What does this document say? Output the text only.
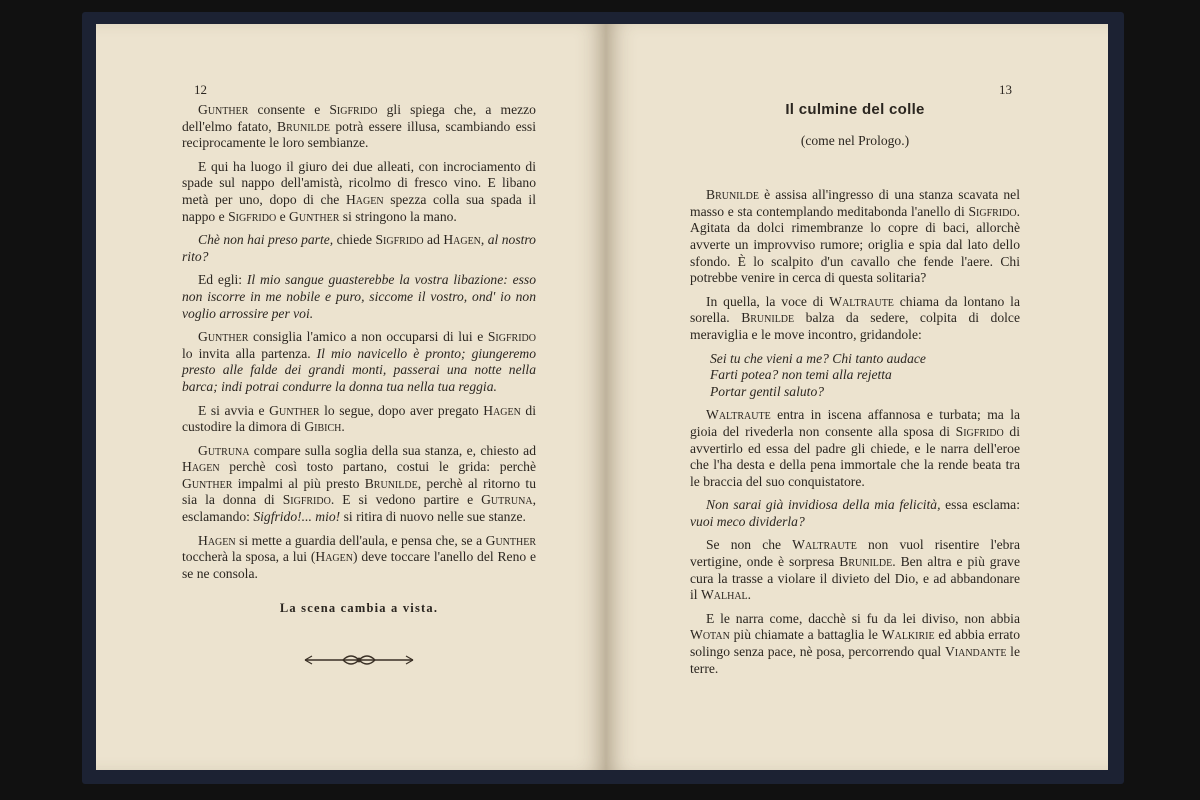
12

Gunther consente e Sigfrido gli spiega che, a mezzo dell'elmo fatato, Brunilde potrà essere illusa, scambiando essi reciprocamente le loro sembianze.

E qui ha luogo il giuro dei due alleati, con incrociamento di spade sul nappo dell'amistà, ricolmo di fresco vino. E libano metà per uno, dopo di che Hagen spezza colla sua spada il nappo e Sigfrido e Gunther si stringono la mano.

Chè non hai preso parte, chiede Sigfrido ad Hagen, al nostro rito?

Ed egli: Il mio sangue guasterebbe la vostra libazione: esso non iscorre in me nobile e puro, siccome il vostro, ond' io non voglio arrossire per voi.

Gunther consiglia l'amico a non occuparsi di lui e Sigfrido lo invita alla partenza. Il mio navicello è pronto; giungeremo presto alle falde dei grandi monti, passerai una notte nella barca; indi potrai condurre la donna tua nella tua reggia.

E si avvia e Gunther lo segue, dopo aver pregato Hagen di custodire la dimora di Gibich.

Gutruna compare sulla soglia della sua stanza, e, chiesto ad Hagen perchè così tosto partano, costui le grida: perchè Gunther impalmi al più presto Brunilde, perchè al ritorno tu sia la donna di Sigfrido. E si vedono partire e Gutruna, esclamando: Sigfrido!... mio! si ritira di nuovo nelle sue stanze.

Hagen si mette a guardia dell'aula, e pensa che, se a Gunther toccherà la sposa, a lui (Hagen) deve toccare l'anello del Reno e se ne consola.

La scena cambia a vista.

13

Il culmine del colle

(come nel Prologo.)

Brunilde è assisa all'ingresso di una stanza scavata nel masso e sta contemplando meditabonda l'anello di Sigfrido. Agitata da dolci rimembranze lo copre di baci, allorchè avverte un improvviso rumore; origlia e spia dal lato dello sfondo. È lo scalpito d'un cavallo che fende l'aere. Chi potrebbe venire in cerca di questa solitaria?

In quella, la voce di Waltraute chiama da lontano la sorella. Brunilde balza da sedere, colpita di dolce meraviglia e le move incontro, gridandole:

Sei tu che vieni a me? Chi tanto audace
Farti potea? non temi alla rejetta
Portar gentil saluto?

Waltraute entra in iscena affannosa e turbata; ma la gioia del rivederla non consente alla sposa di Sigfrido di avvertirlo ed essa del padre gli chiede, e le narra dell'eroe che l'ha desta e della pena immortale che la rende beata tra le braccia del suo conquistatore.

Non sarai già invidiosa della mia felicità, essa esclama: vuoi meco dividerla?

Se non che Waltraute non vuol risentire l'ebra vertigine, onde è sorpresa Brunilde. Ben altra e più grave cura la trasse a violare il divieto del Dio, e ad abbandonare il Walhal.

E le narra come, dacchè si fu da lei diviso, non abbia Wotan più chiamate a battaglia le Walkirie ed abbia errato solingo senza pace, nè posa, percorrendo qual Viandante le terre.
